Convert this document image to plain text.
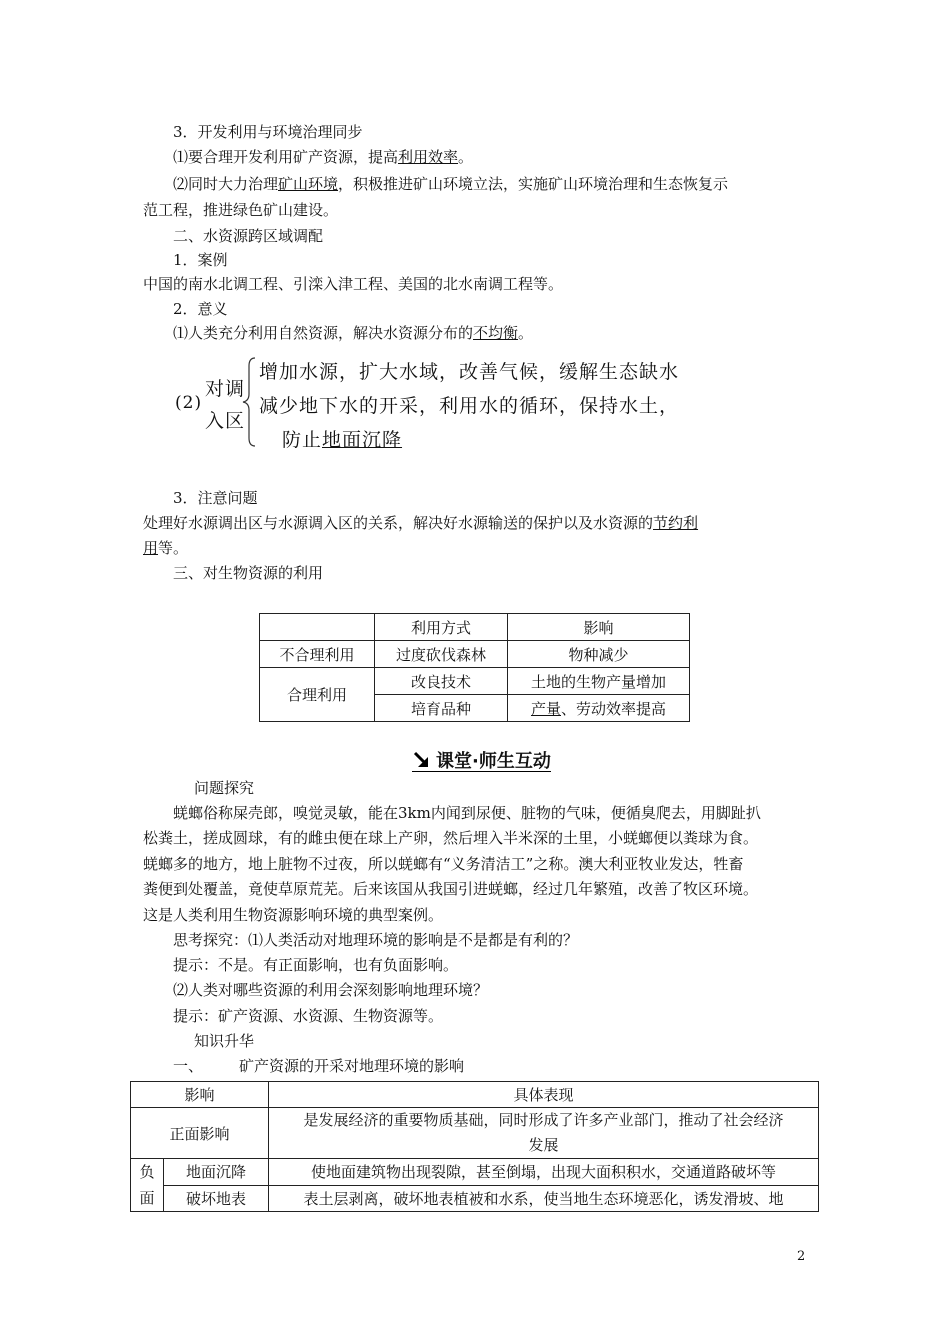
3．开发利用与环境治理同步
⑴要合理开发利用矿产资源，提高利用效率。
⑵同时大力治理矿山环境，积极推进矿山环境立法，实施矿山环境治理和生态恢复示
范工程，推进绿色矿山建设。
二、水资源跨区域调配
1．案例
中国的南水北调工程、引滦入津工程、美国的北水南调工程等。
2．意义
⑴人类充分利用自然资源，解决水资源分布的不均衡。
(2)
对调
入区
增加水源，扩大水域，改善气候，缓解生态缺水
减少地下水的开采，利用水的循环，保持水土，
防止地面沉降
3．注意问题
处理好水源调出区与水源调入区的关系，解决好水源输送的保护以及水资源的节约利
用等。
三、对生物资源的利用
	利用方式	影响
不合理利用	过度砍伐森林	物种减少
合理利用	改良技术	土地的生物产量增加
	培育品种	产量、劳动效率提高
课堂·师生互动
问题探究
蜣螂俗称屎壳郎，嗅觉灵敏，能在3km内闻到尿便、脏物的气味，便循臭爬去，用脚趾扒
松粪土，搓成圆球，有的雌虫便在球上产卵，然后埋入半米深的土里，小蜣螂便以粪球为食。
蜣螂多的地方，地上脏物不过夜，所以蜣螂有“义务清洁工”之称。澳大利亚牧业发达，牲畜
粪便到处覆盖，竟使草原荒芜。后来该国从我国引进蜣螂，经过几年繁殖，改善了牧区环境。
这是人类利用生物资源影响环境的典型案例。
思考探究：⑴人类活动对地理环境的影响是不是都是有利的？
提示：不是。有正面影响，也有负面影响。
⑵人类对哪些资源的利用会深刻影响地理环境？
提示：矿产资源、水资源、生物资源等。
知识升华
一、 矿产资源的开采对地理环境的影响
影响		具体表现
正面影响		是发展经济的重要物质基础，同时形成了许多产业部门，推动了社会经济
发展

负
面	地面沉降	使地面建筑物出现裂隙，甚至倒塌，出现大面积积水，交通道路破坏等
	破坏地表	表土层剥离，破坏地表植被和水系，使当地生态环境恶化，诱发滑坡、地
2
